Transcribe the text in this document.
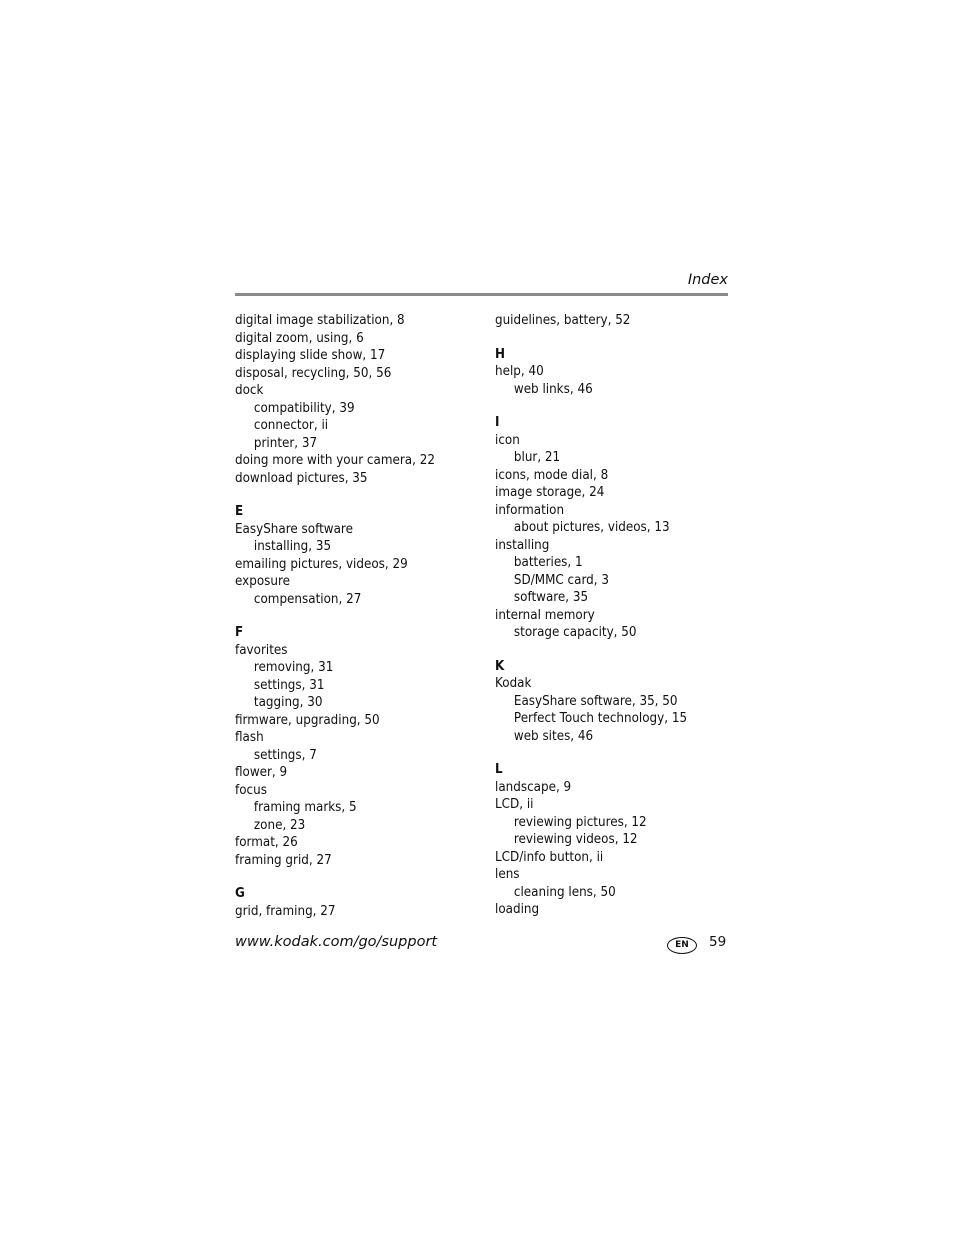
Index
digital image stabilization, 8
digital zoom, using, 6
displaying slide show, 17
disposal, recycling, 50, 56
dock
compatibility, 39
connector, ii
printer, 37
doing more with your camera, 22
download pictures, 35
E
EasyShare software
installing, 35
emailing pictures, videos, 29
exposure
compensation, 27
F
favorites
removing, 31
settings, 31
tagging, 30
firmware, upgrading, 50
flash
settings, 7
flower, 9
focus
framing marks, 5
zone, 23
format, 26
framing grid, 27
G
grid, framing, 27
guidelines, battery, 52
H
help, 40
web links, 46
I
icon
blur, 21
icons, mode dial, 8
image storage, 24
information
about pictures, videos, 13
installing
batteries, 1
SD/MMC card, 3
software, 35
internal memory
storage capacity, 50
K
Kodak
EasyShare software, 35, 50
Perfect Touch technology, 15
web sites, 46
L
landscape, 9
LCD, ii
reviewing pictures, 12
reviewing videos, 12
LCD/info button, ii
lens
cleaning lens, 50
loading
www.kodak.com/go/support	EN 59
